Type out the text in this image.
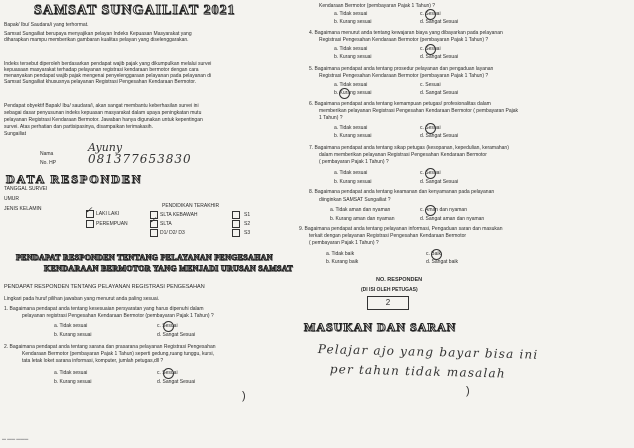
SAMSAT SUNGAILIAT 2021
Bapak/ Ibu/ Saudara/i yang terhormat.
Samsat Sungailiat berupaya menyajikan pelayan Indeks Kepuasan Masyarakat yang
diharapkan mampu memberikan gambaran kualitas pelayan yang diselenggarakan.
Indeks tersebut diperoleh berdasarkan pendapat wajib pajak yang dikumpulkan melalui survei
kepuasaan masyarakat terhadap pelayanan registrasi kendaraan bermotor dengan cara
menanyakan pendapat wajib pajak mengenai penyelenggaraan pelayanan pada pelayanan di
Samsat Sungailiat khususnya pelayanan Registrasi Pengesahan Kendaraan Bermotor.
Pendapat obyektif Bapak/ Ibu/ saudara/i, akan sangat membantu keberhasilan survei ini
sebagai dasar penyusunan indeks kepuasan masyarakat dalam upaya peningkatan mutu
pelayanan Registrasi Kendaraan Bermotor. Jawaban hanya digunakan untuk kepentingan
survei. Atas perhatian dan partisipasinya, disampaikan terimakasih.
Sungailiat
Nama	Ayuny
No. HP	081377653830
DATA RESPONDEN
TANGGAL SURVEI
UMUR
JENIS KELAMIN	✓ LAKI LAKI
PEREMPUAN
PENDIDIKAN TERAKHIR
SLTA KEBAWAH
✓ SLTA
D1/ D2/ D3
S1
S2
S3
PENDAPAT RESPONDEN TENTANG PELAYANAN PENGESAHAN
KENDARAAN BERMOTOR YANG MENJADI URUSAN SAMSAT
PENDAPAT RESPONDEN TENTANG PELAYANAN REGISTRASI PENGESAHAN
Lingkari pada huruf pilihan jawaban yang menurut anda paling sesuai.
1. Bagaimana pendapat anda tentang kesesuaian persyaratan yang harus dipenuhi dalam
pelayanan registrasi Pengesahan Kendaraan Bermotor (pembayaran Pajak 1 Tahun) ?
a. Tidak sesuai	c. Sesuai
b. Kurang sesuai	d. Sangat Sesuai
2. Bagaimana pendapat anda tentang sarana dan prasarana pelayanan Registrasi Pengesahan
Kendaraan Bermotor (pembayaran Pajak 1 Tahun) seperti gedung,ruang tunggu, kursi,
tata letak loket sarana informasi, komputer, jumlah petugas,dll ?
a. Tidak sesuai	c. Sesuai
b. Kurang sesuai	d. Sangat Sesuai
)
▬ ▬▬ ▬▬▬
Kendaraan Bermotor (pembayaran Pajak 1 Tahun) ?
a. Tidak sesuai	c. Sesuai
b. Kurang sesuai	d. Sangat Sesuai
4. Bagaimana menurut anda tentang kewajaran biaya yang dibayarkan pada pelayanan
Registrasi Pengesahan Kendaraan Bermotor (pembayaran Pajak 1 Tahun) ?
a. Tidak sesuai	c. Sesuai
b. Kurang sesuai	d. Sangat Sesuai
5. Bagaimana pendapat anda tentang prosedur pelayanan dan pengaduan layanan
Registrasi Pengesahan Kendaraan Bermotor (pembayaran Pajak 1 Tahun) ?
a. Tidak sesuai	c. Sesuai
b. Kurang sesuai	d. Sangat Sesuai
6. Bagaimana pendapat anda tentang kemampuan petugas/ profesionalitas dalam
memberikan pelayanan Registrasi Pengesahan Kendaraan Bermotor ( pembayaran Pajak
1 Tahun) ?
a. Tidak sesuai	c. Sesuai
b. Kurang sesuai	d. Sangat Sesuai
7. Bagaimana pendapat anda tentang sikap petugas (kesopanan, kepedulian, keramahan)
dalam memberikan pelayanan Registrasi Pengesahan Kendaraan Bermotor
( pembayaran Pajak 1 Tahun) ?
a. Tidak sesuai	c. Sesuai
b. Kurang sesuai	d. Sangat Sesuai
8. Bagaimana pendapat anda tentang keamanan dan kenyamanan pada pelayanan
diinginkan SAMSAT Sungailiat ?
a. Tidak aman dan nyaman	c. Aman dan nyaman
b. Kurang aman dan nyaman	d. Sangat aman dan nyaman
9. Bagaimana pendapat anda tentang pelayanan informasi, Pengaduan saran dan masukan
terkait dengan pelayanan Registrasi Pengesahan Kendaraan Bermotor
( pembayaran Pajak 1 Tahun) ?
a. Tidak baik	c. Baik
b. Kurang baik	d. Sangat baik
NO. RESPONDEN
(DI ISI OLEH PETUGAS)
2
MASUKAN DAN SARAN
Pelajar ajo yang bayar bisa ini
per tahun tidak masalah
)
